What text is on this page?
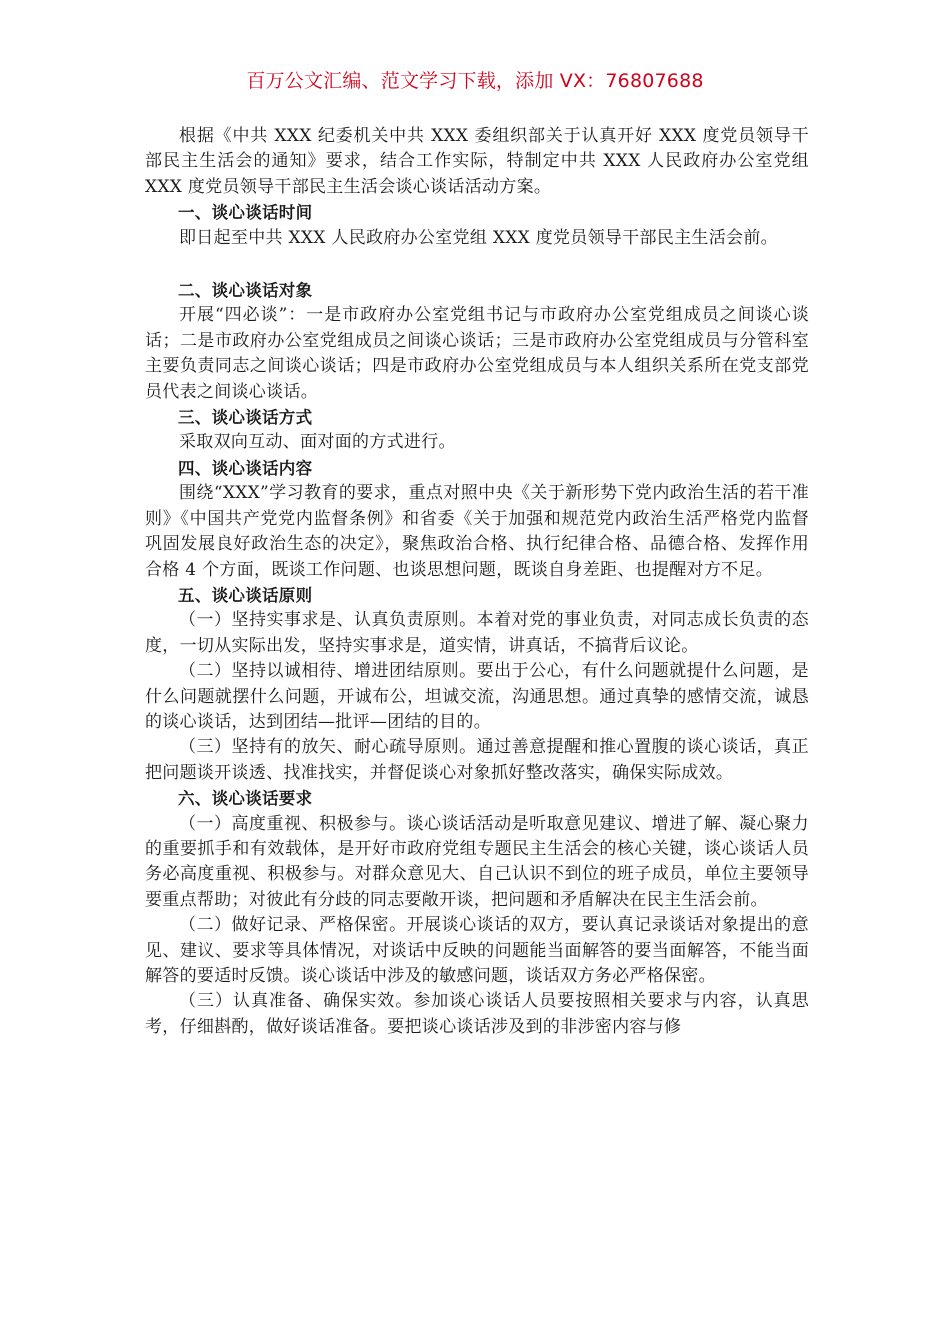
百万公文汇编、范文学习下载，添加 VX：76807688

根据《中共 XXX 纪委机关中共 XXX 委组织部关于认真开好 XXX 度党员领导干部民主生活会的通知》要求，结合工作实际，特制定中共 XXX 人民政府办公室党组 XXX 度党员领导干部民主生活会谈心谈话活动方案。

一、谈心谈话时间

即日起至中共 XXX 人民政府办公室党组 XXX 度党员领导干部民主生活会前。

二、谈心谈话对象

开展“四必谈”：一是市政府办公室党组书记与市政府办公室党组成员之间谈心谈话；二是市政府办公室党组成员之间谈心谈话；三是市政府办公室党组成员与分管科室主要负责同志之间谈心谈话；四是市政府办公室党组成员与本人组织关系所在党支部党员代表之间谈心谈话。

三、谈心谈话方式

采取双向互动、面对面的方式进行。

四、谈心谈话内容

围绕“XXX”学习教育的要求，重点对照中央《关于新形势下党内政治生活的若干准则》《中国共产党党内监督条例》和省委《关于加强和规范党内政治生活严格党内监督巩固发展良好政治生态的决定》，聚焦政治合格、执行纪律合格、品德合格、发挥作用合格 4 个方面，既谈工作问题、也谈思想问题，既谈自身差距、也提醒对方不足。

五、谈心谈话原则

（一）坚持实事求是、认真负责原则。本着对党的事业负责，对同志成长负责的态度，一切从实际出发，坚持实事求是，道实情，讲真话，不搞背后议论。

（二）坚持以诚相待、增进团结原则。要出于公心，有什么问题就提什么问题，是什么问题就摆什么问题，开诚布公，坦诚交流，沟通思想。通过真挚的感情交流，诚恳的谈心谈话，达到团结—批评—团结的目的。

（三）坚持有的放矢、耐心疏导原则。通过善意提醒和推心置腹的谈心谈话，真正把问题谈开谈透、找准找实，并督促谈心对象抓好整改落实，确保实际成效。

六、谈心谈话要求

（一）高度重视、积极参与。谈心谈话活动是听取意见建议、增进了解、凝心聚力的重要抓手和有效载体，是开好市政府党组专题民主生活会的核心关键，谈心谈话人员务必高度重视、积极参与。对群众意见大、自己认识不到位的班子成员，单位主要领导要重点帮助；对彼此有分歧的同志要敞开谈，把问题和矛盾解决在民主生活会前。

（二）做好记录、严格保密。开展谈心谈话的双方，要认真记录谈话对象提出的意见、建议、要求等具体情况，对谈话中反映的问题能当面解答的要当面解答，不能当面解答的要适时反馈。谈心谈话中涉及的敏感问题，谈话双方务必严格保密。

（三）认真准备、确保实效。参加谈心谈话人员要按照相关要求与内容，认真思考，仔细斟酌，做好谈话准备。要把谈心谈话涉及到的非涉密内容与修
